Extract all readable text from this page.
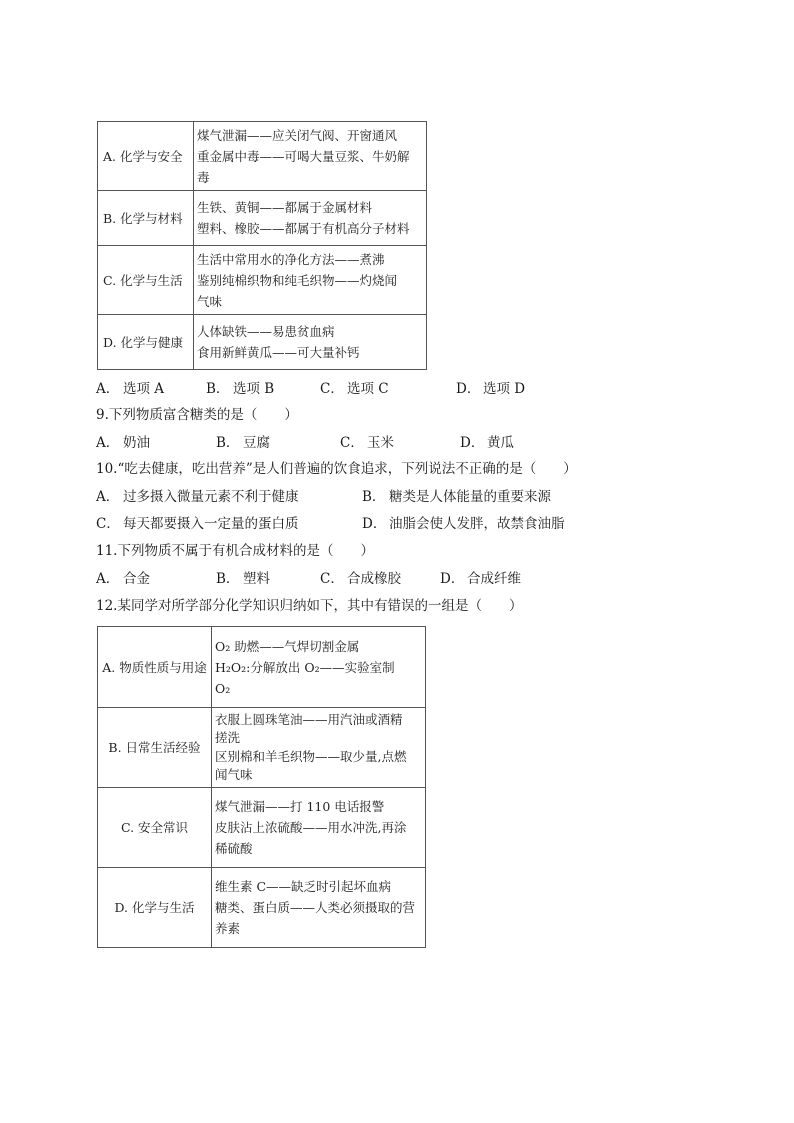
A. 化学与安全	煤气泄漏——应关闭气阀、开窗通风
重金属中毒——可喝大量豆浆、牛奶解
毒

B. 化学与材料	生铁、黄铜——都属于金属材料
塑料、橡胶——都属于有机高分子材料

C. 化学与生活	生活中常用水的净化方法——煮沸
鉴别纯棉织物和纯毛织物——灼烧闻
气味

D. 化学与健康	人体缺铁——易患贫血病
食用新鲜黄瓜——可大量补钙
A． 选项 A	B． 选项 B	C． 选项 C	D． 选项 D
9.下列物质富含糖类的是（　　）
A． 奶油	B． 豆腐	C． 玉米	D． 黄瓜
10.“吃去健康，吃出营养”是人们普遍的饮食追求，下列说法不正确的是（　　）
A． 过多摄入微量元素不利于健康	B． 糖类是人体能量的重要来源
C． 每天都要摄入一定量的蛋白质	D． 油脂会使人发胖，故禁食油脂
11.下列物质不属于有机合成材料的是（　　）
A． 合金	B． 塑料	C． 合成橡胶	D． 合成纤维
12.某同学对所学部分化学知识归纳如下，其中有错误的一组是（　　）
A. 物质性质与用途	O₂ 助燃——气焊切割金属
H₂O₂:分解放出 O₂——实验室制
O₂

B. 日常生活经验	衣服上圆珠笔油——用汽油或酒精
搓洗
区别棉和羊毛织物——取少量,点燃
闻气味

C. 安全常识	煤气泄漏——打 110 电话报警
皮肤沾上浓硫酸——用水冲洗,再涂
稀硫酸

D. 化学与生活	维生素 C——缺乏时引起坏血病
糖类、蛋白质——人类必须摄取的营
养素
